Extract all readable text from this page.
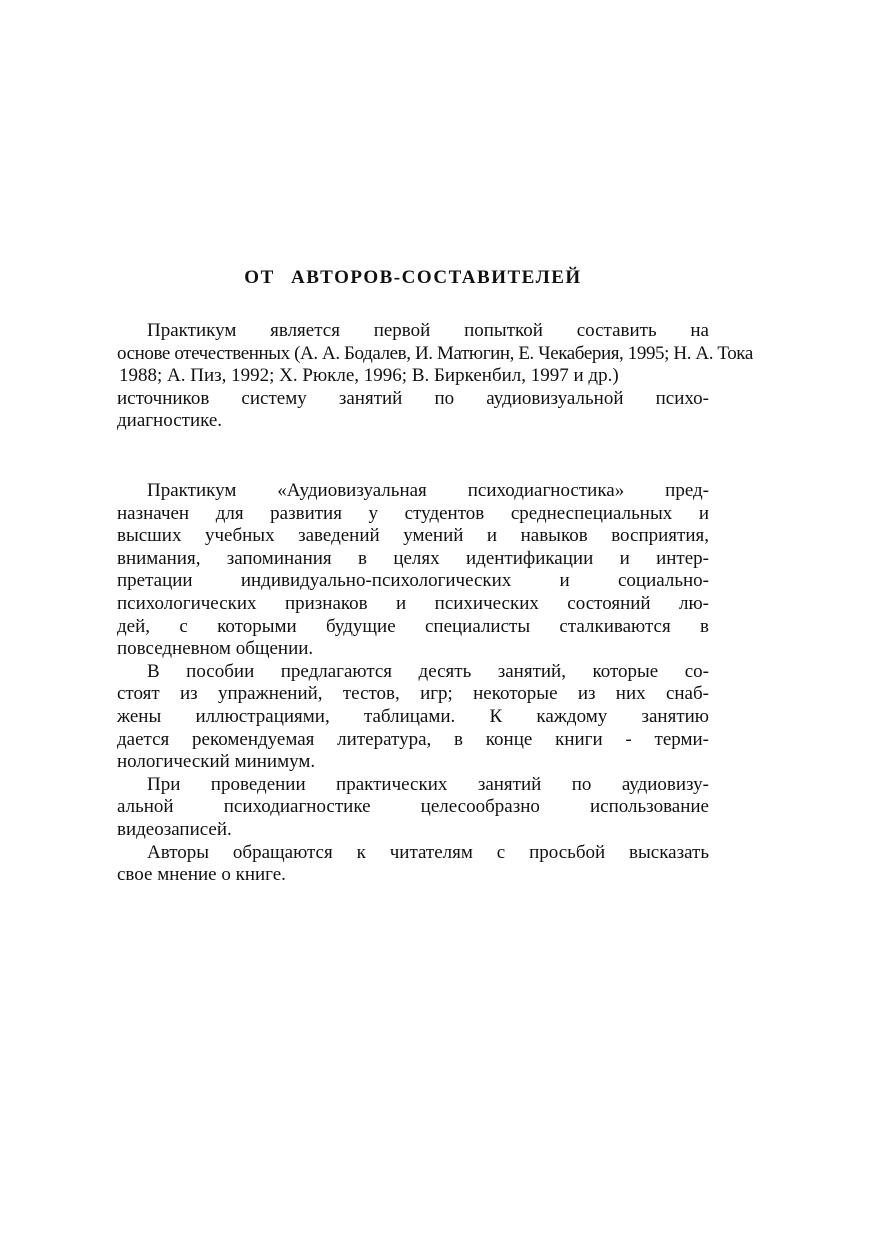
ОТ АВТОРОВ-СОСТАВИТЕЛЕЙ
Практикум является первой попыткой составить на
основе отечественных (А. А. Бодалев, И. Матюгин, Е. Чекаберия, 1995; Н. А. Тока
1988; А. Пиз, 1992; Х. Рюкле, 1996; В. Биркенбил, 1997 и др.)
источников систему занятий по аудиовизуальной психо-
диагностике.
Практикум «Аудиовизуальная психодиагностика» пред-
назначен для развития у студентов среднеспециальных и
высших учебных заведений умений и навыков восприятия,
внимания, запоминания в целях идентификации и интер-
претации индивидуально-психологических и социально-
психологических признаков и психических состояний лю-
дей, с которыми будущие специалисты сталкиваются в
повседневном общении.
В пособии предлагаются десять занятий, которые со-
стоят из упражнений, тестов, игр; некоторые из них снаб-
жены иллюстрациями, таблицами. К каждому занятию
дается рекомендуемая литература, в конце книги - терми-
нологический минимум.
При проведении практических занятий по аудиовизу-
альной психодиагностике целесообразно использование
видеозаписей.
Авторы обращаются к читателям с просьбой высказать
свое мнение о книге.
